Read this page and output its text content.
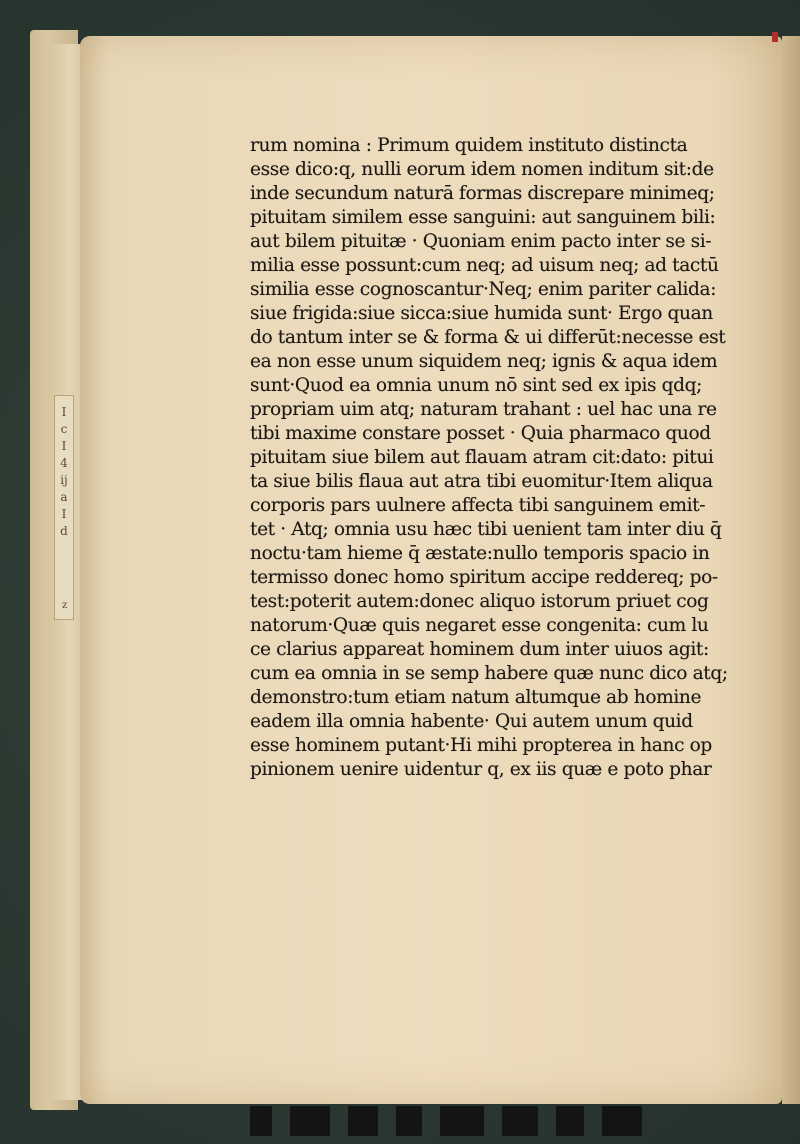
I
c
I
4
ij
a
I
d
z
rum nomina : Primum quidem instituto distincta
esse dico:q, nulli eorum idem nomen inditum sit:de
inde secundum naturā formas discrepare minimeq;
pituitam similem esse sanguini: aut sanguinem bili:
aut bilem pituitæ · Quoniam enim pacto inter se si-
milia esse possunt:cum neq; ad uisum neq; ad tactū
similia esse cognoscantur·Neq; enim pariter calida:
siue frigida:siue sicca:siue humida sunt· Ergo quan
do tantum inter se & forma & ui differūt:necesse est
ea non esse unum siquidem neq; ignis & aqua idem
sunt·Quod ea omnia unum nō sint sed ex ipis qdq;
propriam uim atq; naturam trahant : uel hac una re
tibi maxime constare posset · Quia pharmaco quod
pituitam siue bilem aut flauam atram cit:dato: pitui
ta siue bilis flaua aut atra tibi euomitur·Item aliqua
corporis pars uulnere affecta tibi sanguinem emit-
tet · Atq; omnia usu hæc tibi uenient tam inter diu q̄
noctu·tam hieme q̄ æstate:nullo temporis spacio in
termisso donec homo spiritum accipe reddereq; po-
test:poterit autem:donec aliquo istorum priuet cog
natorum·Quæ quis negaret esse congenita: cum lu
ce clarius appareat hominem dum inter uiuos agit:
cum ea omnia in se semp habere quæ nunc dico atq;
demonstro:tum etiam natum altumque ab homine
eadem illa omnia habente· Qui autem unum quid
esse hominem putant·Hi mihi propterea in hanc op
pinionem uenire uidentur q, ex iis quæ e poto phar
